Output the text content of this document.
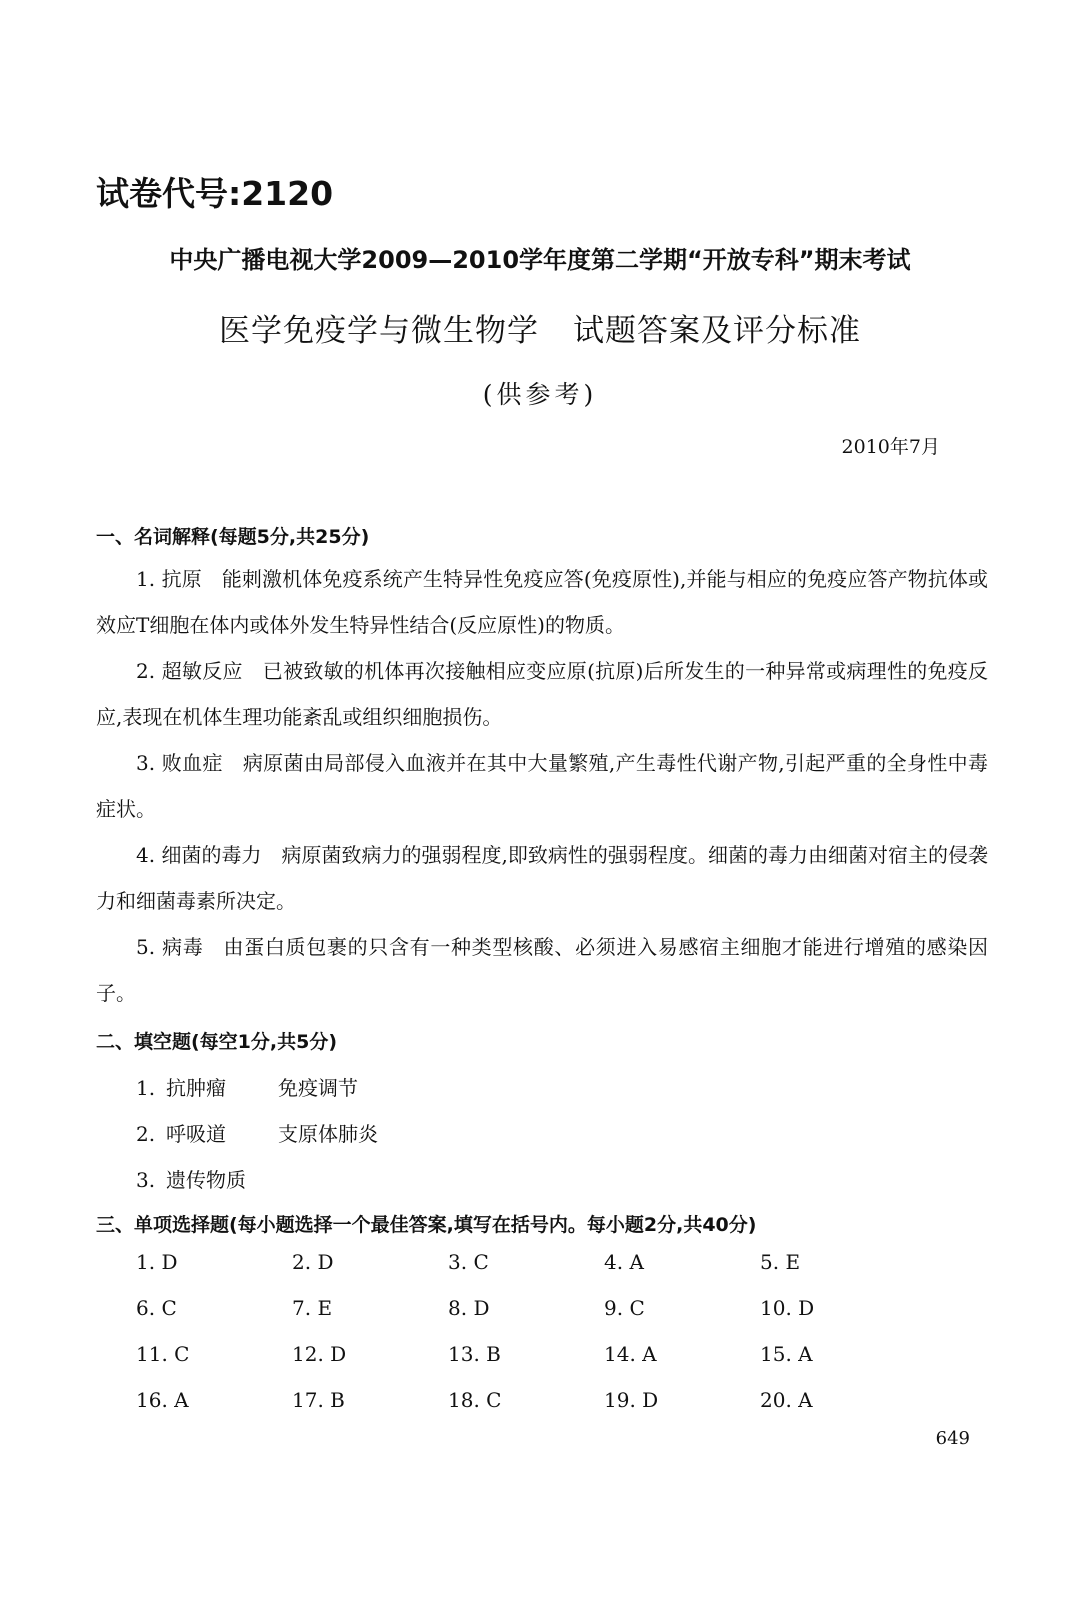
试卷代号:2120
中央广播电视大学2009—2010学年度第二学期“开放专科”期末考试
医学免疫学与微生物学 试题答案及评分标准
(供参考)
2010年7月
一、名词解释(每题5分,共25分)
1. 抗原 能刺激机体免疫系统产生特异性免疫应答(免疫原性),并能与相应的免疫应答产物抗体或效应T细胞在体内或体外发生特异性结合(反应原性)的物质。
2. 超敏反应 已被致敏的机体再次接触相应变应原(抗原)后所发生的一种异常或病理性的免疫反应,表现在机体生理功能紊乱或组织细胞损伤。
3. 败血症 病原菌由局部侵入血液并在其中大量繁殖,产生毒性代谢产物,引起严重的全身性中毒症状。
4. 细菌的毒力 病原菌致病力的强弱程度,即致病性的强弱程度。细菌的毒力由细菌对宿主的侵袭力和细菌毒素所决定。
5. 病毒 由蛋白质包裹的只含有一种类型核酸、必须进入易感宿主细胞才能进行增殖的感染因子。
二、填空题(每空1分,共5分)
1. 抗肿瘤	免疫调节
2. 呼吸道	支原体肺炎
3. 遗传物质
三、单项选择题(每小题选择一个最佳答案,填写在括号内。每小题2分,共40分)
1. D	2. D	3. C	4. A	5. E
6. C	7. E	8. D	9. C	10. D
11. C	12. D	13. B	14. A	15. A
16. A	17. B	18. C	19. D	20. A
649
